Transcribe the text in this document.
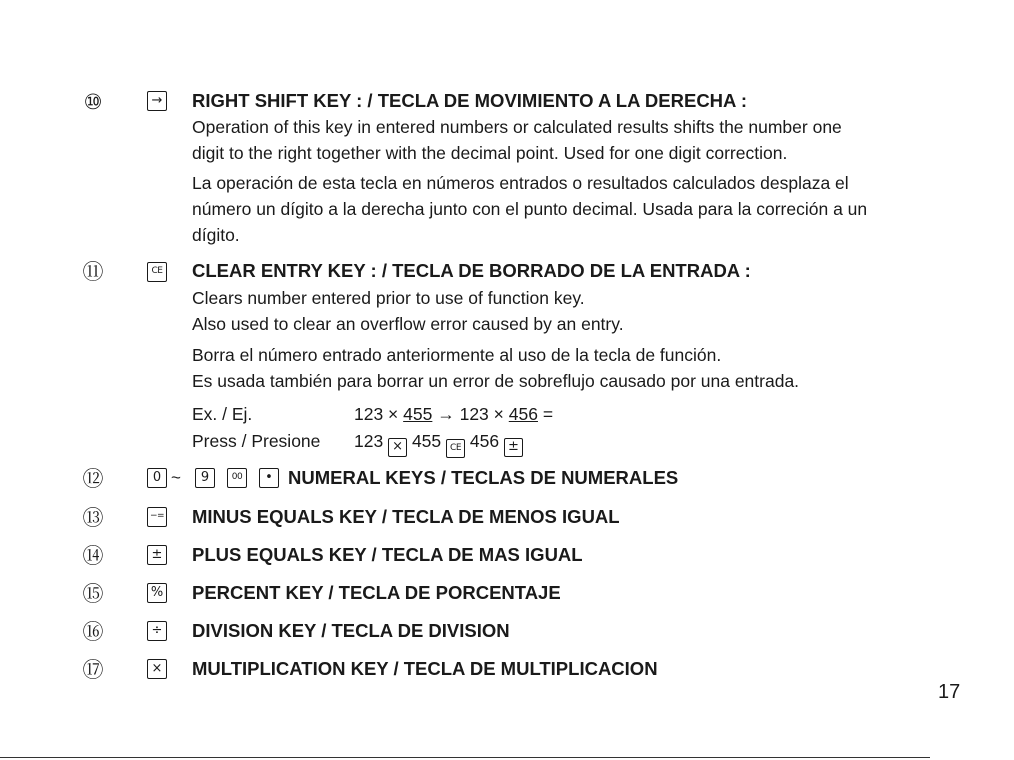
⑩	→ RIGHT SHIFT KEY : / TECLA DE MOVIMIENTO A LA DERECHA :
Operation of this key in entered numbers or calculated results shifts the number one
digit to the right together with the decimal point. Used for one digit correction.
La operación de esta tecla en números entrados o resultados calculados desplaza el
número un dígito a la derecha junto con el punto decimal. Usada para la correción a un
dígito.
⑪	CE CLEAR ENTRY KEY : / TECLA DE BORRADO DE LA ENTRADA :
Clears number entered prior to use of function key.
Also used to clear an overflow error caused by an entry.
Borra el número entrado anteriormente al uso de la tecla de función.
Es usada también para borrar un error de sobreflujo causado por una entrada.
Ex. / Ej.	123 × 455 → 123 × 456 =
Press / Presione 123 × 455 CE 456 ±
⑫	0 ~	9	00	• NUMERAL KEYS / TECLAS DE NUMERALES
⑬	−= MINUS EQUALS KEY / TECLA DE MENOS IGUAL
⑭	± PLUS EQUALS KEY / TECLA DE MAS IGUAL
⑮	% PERCENT KEY / TECLA DE PORCENTAJE
⑯	÷ DIVISION KEY / TECLA DE DIVISION
⑰	× MULTIPLICATION KEY / TECLA DE MULTIPLICACION
17
